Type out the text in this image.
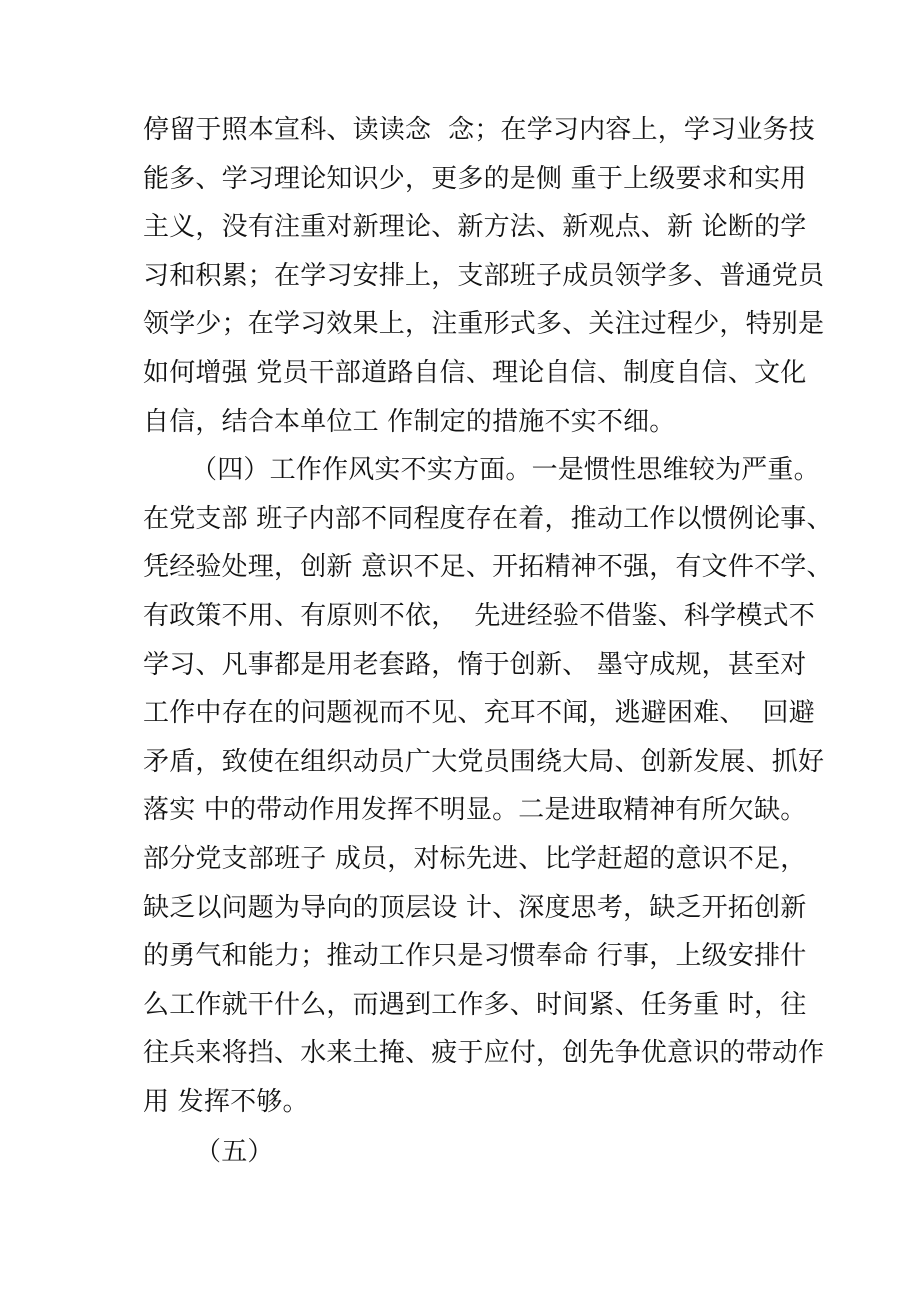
停留于照本宣科、读读念  念；在学习内容上，学习业务技
能多、学习理论知识少，更多的是侧 重于上级要求和实用
主义，没有注重对新理论、新方法、新观点、新 论断的学
习和积累；在学习安排上，支部班子成员领学多、普通党员
领学少；在学习效果上，注重形式多、关注过程少，特别是
如何增强 党员干部道路自信、理论自信、制度自信、文化
自信，结合本单位工 作制定的措施不实不细。
（四）工作作风实不实方面。一是惯性思维较为严重。
在党支部 班子内部不同程度存在着，推动工作以惯例论事、
凭经验处理，创新 意识不足、开拓精神不强，有文件不学、
有政策不用、有原则不依，  先进经验不借鉴、科学模式不
学习、凡事都是用老套路，惰于创新、 墨守成规，甚至对
工作中存在的问题视而不见、充耳不闻，逃避困难、  回避
矛盾，致使在组织动员广大党员围绕大局、创新发展、抓好
落实 中的带动作用发挥不明显。二是进取精神有所欠缺。
部分党支部班子 成员，对标先进、比学赶超的意识不足，
缺乏以问题为导向的顶层设 计、深度思考，缺乏开拓创新
的勇气和能力；推动工作只是习惯奉命 行事，上级安排什
么工作就干什么，而遇到工作多、时间紧、任务重 时，往
往兵来将挡、水来土掩、疲于应付，创先争优意识的带动作
用 发挥不够。
（五）
